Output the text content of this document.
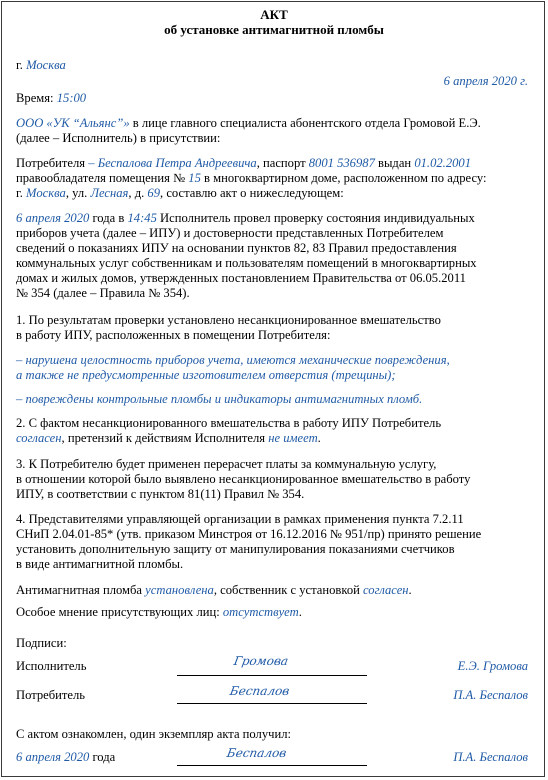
АКТ
об установке антимагнитной пломбы
г. Москва
6 апреля 2020 г.
Время: 15:00
ООО «УК “Альянс”» в лице главного специалиста абонентского отдела Громовой Е.Э.
(далее – Исполнитель) в присутствии:
Потребителя – Беспалова Петра Андреевича, паспорт 8001 536987 выдан 01.02.2001
правообладателя помещения № 15 в многоквартирном доме, расположенном по адресу:
г. Москва, ул. Лесная, д. 69, составлю акт о нижеследующем:
6 апреля 2020 года в 14:45 Исполнитель провел проверку состояния индивидуальных
приборов учета (далее – ИПУ) и достоверности представленных Потребителем
сведений о показаниях ИПУ на основании пунктов 82, 83 Правил предоставления
коммунальных услуг собственникам и пользователям помещений в многоквартирных
домах и жилых домов, утвержденных постановлением Правительства от 06.05.2011
№ 354 (далее – Правила № 354).
1. По результатам проверки установлено несанкционированное вмешательство
в работу ИПУ, расположенных в помещении Потребителя:
– нарушена целостность приборов учета, имеются механические повреждения,
а также не предусмотренные изготовителем отверстия (трещины);
– повреждены контрольные пломбы и индикаторы антимагнитных пломб.
2. С фактом несанкционированного вмешательства в работу ИПУ Потребитель
согласен, претензий к действиям Исполнителя не имеет.
3. К Потребителю будет применен перерасчет платы за коммунальную услугу,
в отношении которой было выявлено несанкционированное вмешательство в работу
ИПУ, в соответствии с пунктом 81(11) Правил № 354.
4. Представителями управляющей организации в рамках применения пункта 7.2.11
СНиП 2.04.01-85* (утв. приказом Минстроя от 16.12.2016 № 951/пр) принято решение
установить дополнительную защиту от манипулирования показаниями счетчиков
в виде антимагнитной пломбы.
Антимагнитная пломба установлена, собственник с установкой согласен.
Особое мнение присутствующих лиц: отсутствует.
Подписи:
Исполнитель	Громова	Е.Э. Громова
Потребитель	Беспалов	П.А. Беспалов
С актом ознакомлен, один экземпляр акта получил:
6 апреля 2020 года	Беспалов	П.А. Беспалов
